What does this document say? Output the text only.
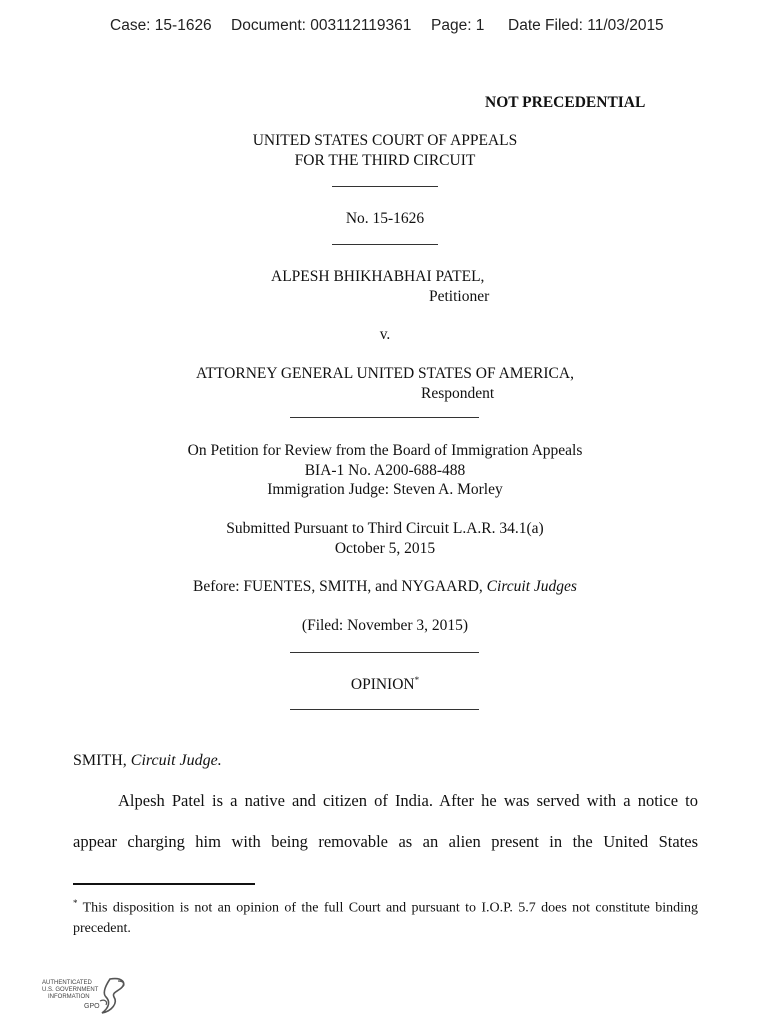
Case: 15-1626 Document: 003112119361 Page: 1 Date Filed: 11/03/2015
NOT PRECEDENTIAL
UNITED STATES COURT OF APPEALS
FOR THE THIRD CIRCUIT
No. 15-1626
ALPESH BHIKHABHAI PATEL,
Petitioner
v.
ATTORNEY GENERAL UNITED STATES OF AMERICA,
Respondent
On Petition for Review from the Board of Immigration Appeals
BIA-1 No. A200-688-488
Immigration Judge: Steven A. Morley
Submitted Pursuant to Third Circuit L.A.R. 34.1(a)
October 5, 2015
Before: FUENTES, SMITH, and NYGAARD, Circuit Judges
(Filed: November 3, 2015)
OPINION*
SMITH, Circuit Judge.
Alpesh Patel is a native and citizen of India. After he was served with a notice to
appear charging him with being removable as an alien present in the United States
* This disposition is not an opinion of the full Court and pursuant to I.O.P. 5.7 does not constitute binding precedent.
AUTHENTICATED
U.S. GOVERNMENT
INFORMATION
GPO
